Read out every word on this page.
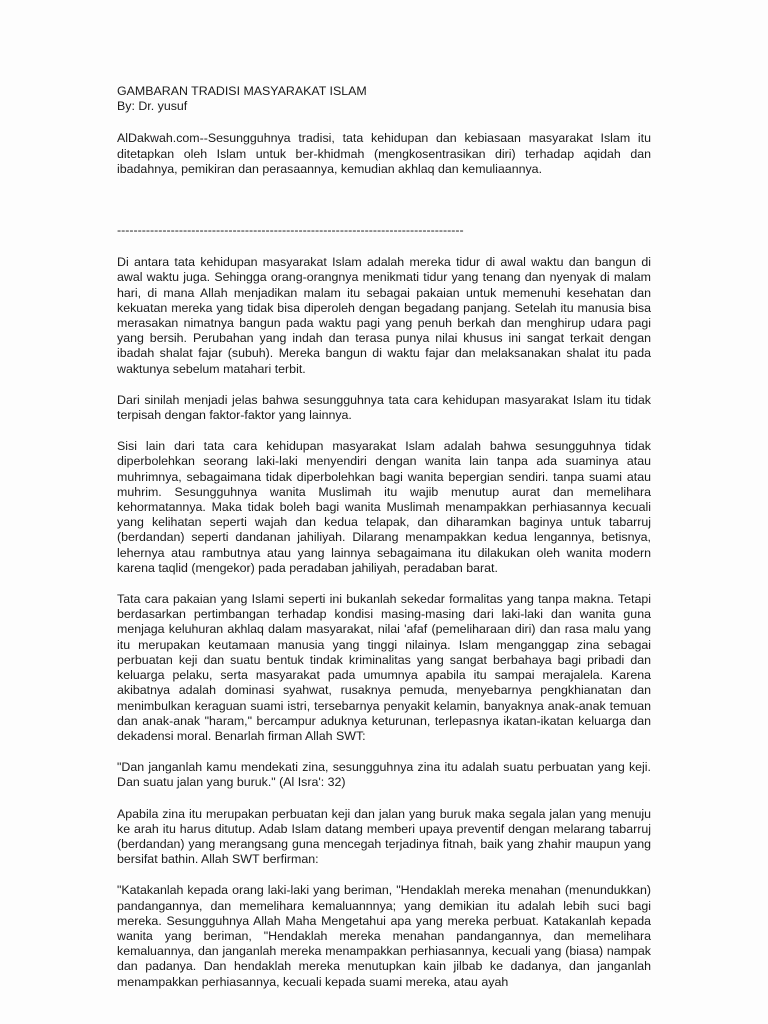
GAMBARAN TRADISI MASYARAKAT ISLAM

By: Dr. yusuf

AlDakwah.com--Sesungguhnya tradisi, tata kehidupan dan kebiasaan masyarakat Islam itu ditetapkan oleh Islam untuk ber-khidmah (mengkosentrasikan diri) terhadap aqidah dan ibadahnya, pemikiran dan perasaannya, kemudian akhlaq dan kemuliaannya.

------------------------------------------------------------------------------------

Di antara tata kehidupan masyarakat Islam adalah mereka tidur di awal waktu dan bangun di awal waktu juga. Sehingga orang-orangnya menikmati tidur yang tenang dan nyenyak di malam hari, di mana Allah menjadikan malam itu sebagai pakaian untuk memenuhi kesehatan dan kekuatan mereka yang tidak bisa diperoleh dengan begadang panjang. Setelah itu manusia bisa merasakan nimatnya bangun pada waktu pagi yang penuh berkah dan menghirup udara pagi yang bersih. Perubahan yang indah dan terasa punya nilai khusus ini sangat terkait dengan ibadah shalat fajar (subuh). Mereka bangun di waktu fajar dan melaksanakan shalat itu pada waktunya sebelum matahari terbit.

Dari sinilah menjadi jelas bahwa sesungguhnya tata cara kehidupan masyarakat Islam itu tidak terpisah dengan faktor-faktor yang lainnya.

Sisi lain dari tata cara kehidupan masyarakat Islam adalah bahwa sesungguhnya tidak diperbolehkan seorang laki-laki menyendiri dengan wanita lain tanpa ada suaminya atau muhrimnya, sebagaimana tidak diperbolehkan bagi wanita bepergian sendiri. tanpa suami atau muhrim. Sesungguhnya wanita Muslimah itu wajib menutup aurat dan memelihara kehormatannya. Maka tidak boleh bagi wanita Muslimah menampakkan perhiasannya kecuali yang kelihatan seperti wajah dan kedua telapak, dan diharamkan baginya untuk tabarruj (berdandan) seperti dandanan jahiliyah. Dilarang menampakkan kedua lengannya, betisnya, lehernya atau rambutnya atau yang lainnya sebagaimana itu dilakukan oleh wanita modern karena taqlid (mengekor) pada peradaban jahiliyah, peradaban barat.

Tata cara pakaian yang Islami seperti ini bukanlah sekedar formalitas yang tanpa makna. Tetapi berdasarkan pertimbangan terhadap kondisi masing-masing dari laki-laki dan wanita guna menjaga keluhuran akhlaq dalam masyarakat, nilai 'afaf (pemeliharaan diri) dan rasa malu yang itu merupakan keutamaan manusia yang tinggi nilainya. Islam menganggap zina sebagai perbuatan keji dan suatu bentuk tindak kriminalitas yang sangat berbahaya bagi pribadi dan keluarga pelaku, serta masyarakat pada umumnya apabila itu sampai merajalela. Karena akibatnya adalah dominasi syahwat, rusaknya pemuda, menyebarnya pengkhianatan dan menimbulkan keraguan suami istri, tersebarnya penyakit kelamin, banyaknya anak-anak temuan dan anak-anak "haram," bercampur aduknya keturunan, terlepasnya ikatan-ikatan keluarga dan dekadensi moral. Benarlah firman Allah SWT:

"Dan janganlah kamu mendekati zina, sesungguhnya zina itu adalah suatu perbuatan yang keji. Dan suatu jalan yang buruk." (Al Isra': 32)

Apabila zina itu merupakan perbuatan keji dan jalan yang buruk maka segala jalan yang menuju ke arah itu harus ditutup. Adab Islam datang memberi upaya preventif dengan melarang tabarruj (berdandan) yang merangsang guna mencegah terjadinya fitnah, baik yang zhahir maupun yang bersifat bathin. Allah SWT berfirman:

"Katakanlah kepada orang laki-laki yang beriman, "Hendaklah mereka menahan (menundukkan) pandangannya, dan memelihara kemaluannnya; yang demikian itu adalah lebih suci bagi mereka. Sesungguhnya Allah Maha Mengetahui apa yang mereka perbuat. Katakanlah kepada wanita yang beriman, "Hendaklah mereka menahan pandangannya, dan memelihara kemaluannya, dan janganlah mereka menampakkan perhiasannya, kecuali yang (biasa) nampak dan padanya. Dan hendaklah mereka menutupkan kain jilbab ke dadanya, dan janganlah menampakkan perhiasannya, kecuali kepada suami mereka, atau ayah
